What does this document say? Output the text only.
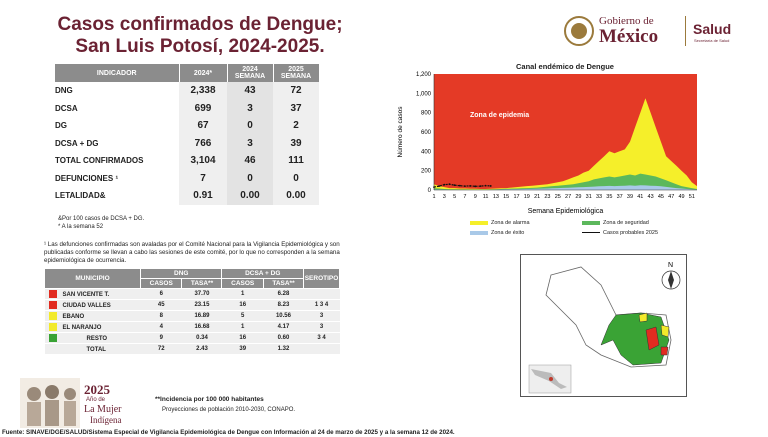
Casos confirmados de Dengue;
San Luis Potosí, 2024-2025.
Gobierno de
México Salud
Secretaría de Salud
INDICADOR	2024*	2024 SEMANA	2025 SEMANA
DNG	2,338	43	72
DCSA	699	3	37
DG	67	0	2
DCSA + DG	766	3	39
TOTAL CONFIRMADOS	3,104	46	111
DEFUNCIONES ¹	7	0	0
LETALIDAD&	0.91	0.00	0.00
&Por 100 casos de DCSA + DG.
* A la semana 52
¹ Las defunciones confirmadas son avaladas por el Comité Nacional para la Vigilancia Epidemiológica y son publicadas conforme se llevan a cabo las sesiones de este comité, por lo que no corresponden a la semana epidemiológica de ocurrencia.
MUNICIPIO	DNG		DCSA + DG		SEROTIPO
	CASOS	TASA**	CASOS	TASA**	
SAN VICENTE T.	6	37.70	1	6.28	
CIUDAD VALLES	45	23.15	16	8.23	1 3 4
EBANO	8	16.89	5	10.56	3
EL NARANJO	4	16.68	1	4.17	3
RESTO	9	0.34	16	0.60	3 4
TOTAL	72	2.43	39	1.32	
Canal endémico de Dengue
0
200
400
600
800
1,000
1,200
1 3 5 7 9 11 13 15 17 19 21 23 25 27 29 31 33 35 37 39 41 43 45 47 49 51
Semana Epidemiológica
Número de casos	Zona de epidemia
Zona de alarma	Zona de seguridad
Zona de éxito	Casos probables 2025
N
2025
Año de
La Mujer
Indígena
**Incidencia por 100 000 habitantes
Proyecciones de población 2010-2030, CONAPO.
Fuente: SINAVE/DGE/SALUD/Sistema Especial de Vigilancia Epidemiológica de Dengue con Información al 24 de marzo de 2025 y a la semana 12 de 2024.
